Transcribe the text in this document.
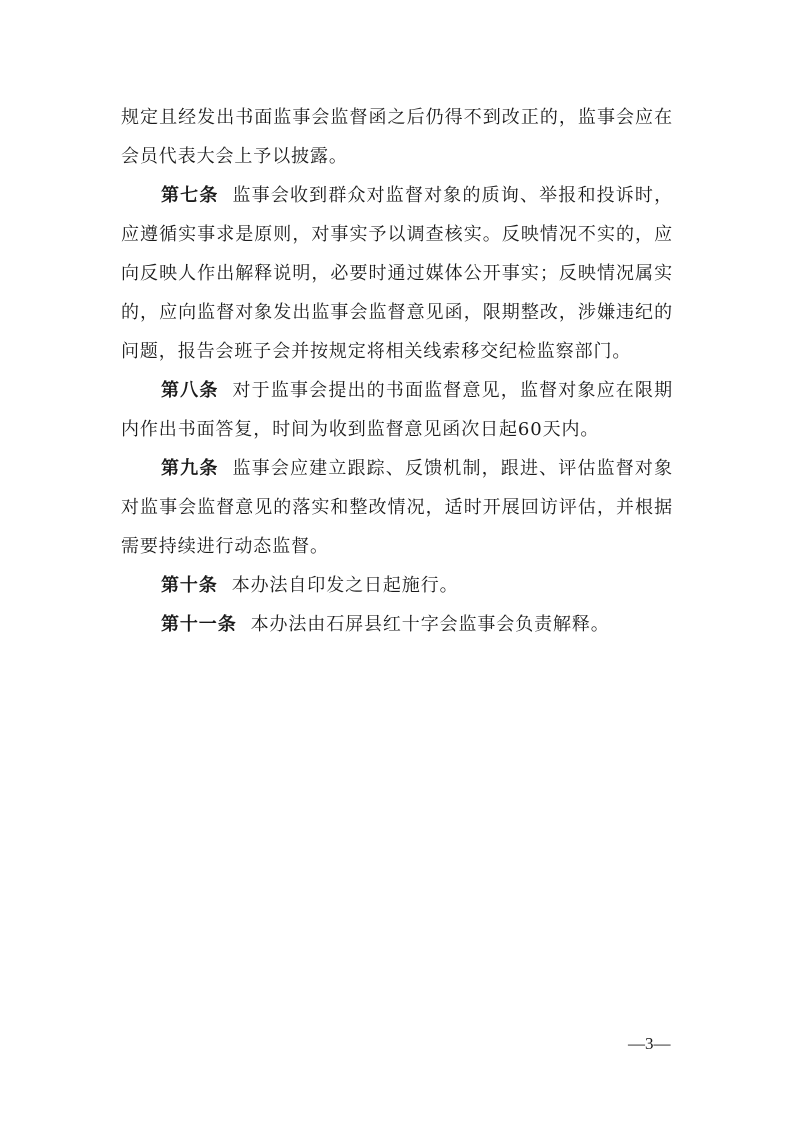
规定且经发出书面监事会监督函之后仍得不到改正的，监事会应在会员代表大会上予以披露。

第七条 监事会收到群众对监督对象的质询、举报和投诉时，应遵循实事求是原则，对事实予以调查核实。反映情况不实的，应向反映人作出解释说明，必要时通过媒体公开事实；反映情况属实的，应向监督对象发出监事会监督意见函，限期整改，涉嫌违纪的问题，报告会班子会并按规定将相关线索移交纪检监察部门。

第八条 对于监事会提出的书面监督意见，监督对象应在限期内作出书面答复，时间为收到监督意见函次日起60天内。

第九条 监事会应建立跟踪、反馈机制，跟进、评估监督对象对监事会监督意见的落实和整改情况，适时开展回访评估，并根据需要持续进行动态监督。

第十条 本办法自印发之日起施行。

第十一条 本办法由石屏县红十字会监事会负责解释。

—3—
